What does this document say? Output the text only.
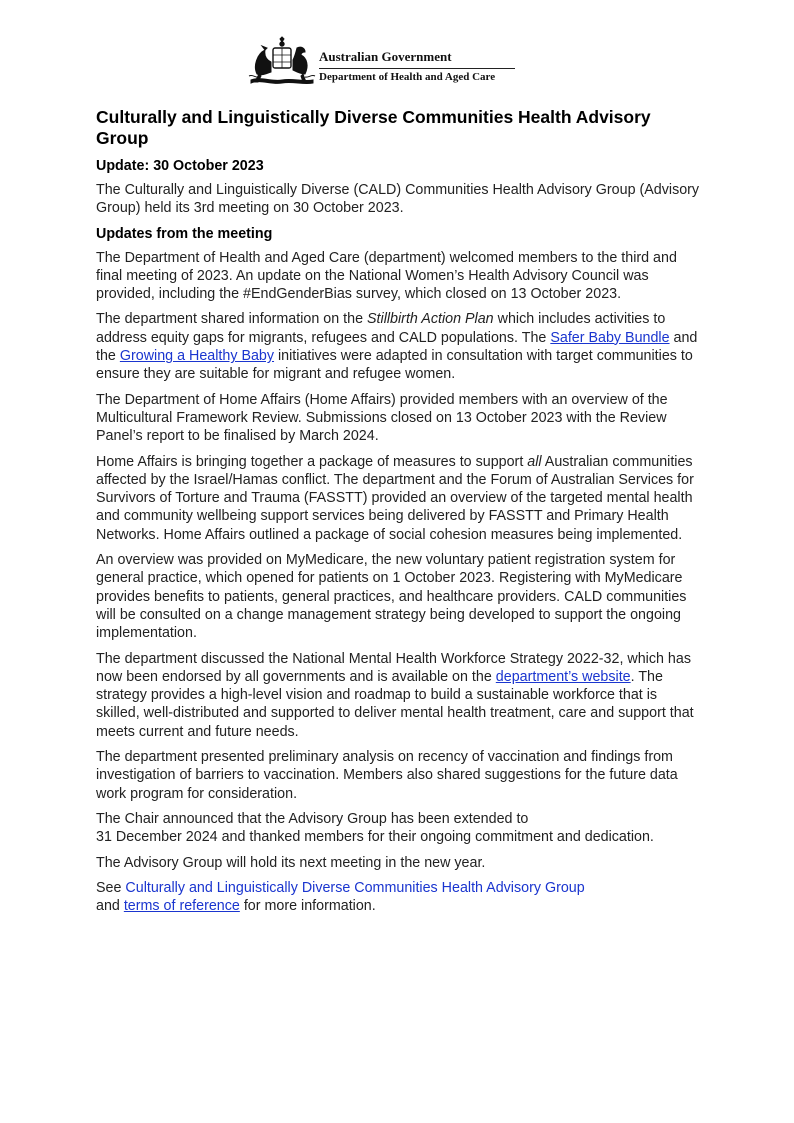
Australian Government
Department of Health and Aged Care
Culturally and Linguistically Diverse Communities Health Advisory Group
Update: 30 October 2023

The Culturally and Linguistically Diverse (CALD) Communities Health Advisory Group (Advisory Group) held its 3rd meeting on 30 October 2023.

Updates from the meeting

The Department of Health and Aged Care (department) welcomed members to the third and final meeting of 2023. An update on the National Women’s Health Advisory Council was provided, including the #EndGenderBias survey, which closed on 13 October 2023.

The department shared information on the Stillbirth Action Plan which includes activities to address equity gaps for migrants, refugees and CALD populations. The Safer Baby Bundle and the Growing a Healthy Baby initiatives were adapted in consultation with target communities to ensure they are suitable for migrant and refugee women.

The Department of Home Affairs (Home Affairs) provided members with an overview of the Multicultural Framework Review. Submissions closed on 13 October 2023 with the Review Panel’s report to be finalised by March 2024.

Home Affairs is bringing together a package of measures to support all Australian communities affected by the Israel/Hamas conflict. The department and the Forum of Australian Services for Survivors of Torture and Trauma (FASSTT) provided an overview of the targeted mental health and community wellbeing support services being delivered by FASSTT and Primary Health Networks. Home Affairs outlined a package of social cohesion measures being implemented.

An overview was provided on MyMedicare, the new voluntary patient registration system for general practice, which opened for patients on 1 October 2023. Registering with MyMedicare provides benefits to patients, general practices, and healthcare providers. CALD communities will be consulted on a change management strategy being developed to support the ongoing implementation.

The department discussed the National Mental Health Workforce Strategy 2022-32, which has now been endorsed by all governments and is available on the department’s website. The strategy provides a high-level vision and roadmap to build a sustainable workforce that is skilled, well-distributed and supported to deliver mental health treatment, care and support that meets current and future needs.

The department presented preliminary analysis on recency of vaccination and findings from investigation of barriers to vaccination. Members also shared suggestions for the future data work program for consideration.

The Chair announced that the Advisory Group has been extended to
31 December 2024 and thanked members for their ongoing commitment and dedication.

The Advisory Group will hold its next meeting in the new year.

See Culturally and Linguistically Diverse Communities Health Advisory Group
and terms of reference for more information.
